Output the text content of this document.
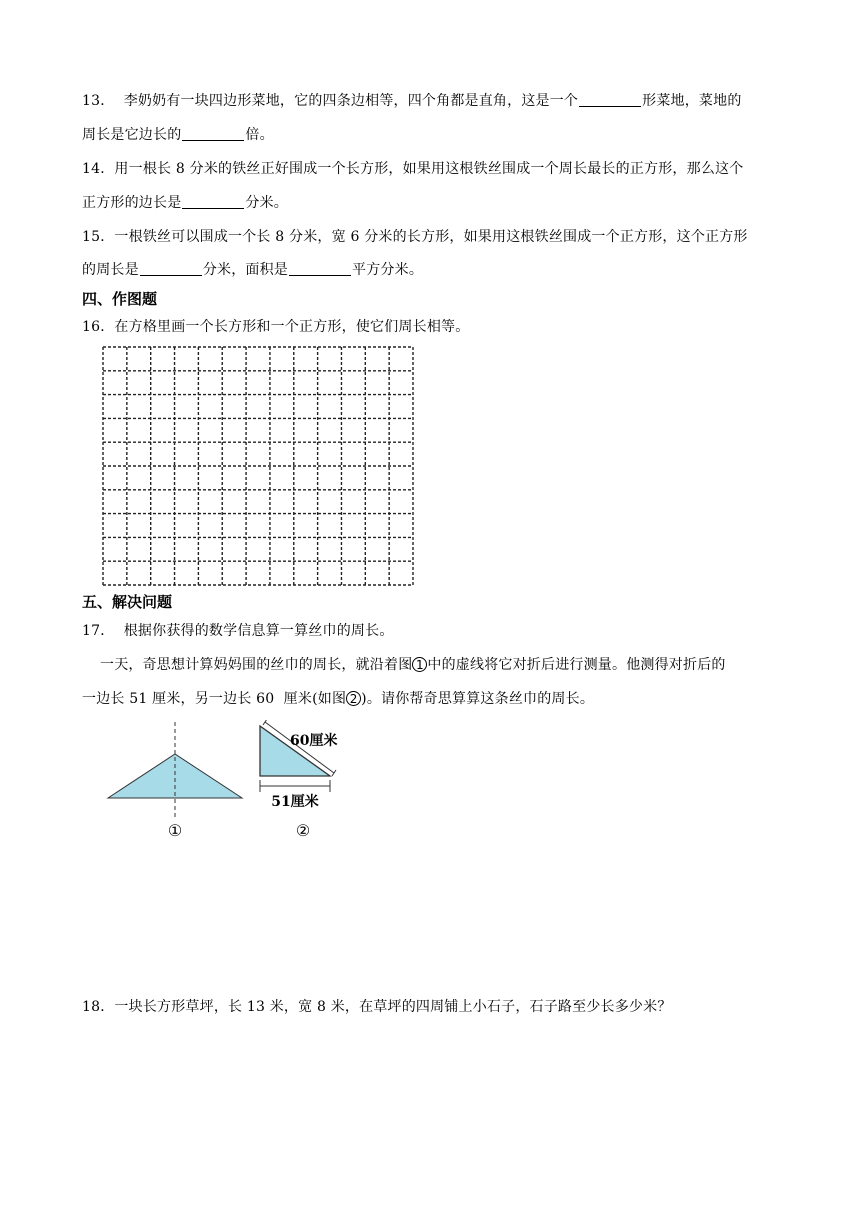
13．  李奶奶有一块四边形菜地，它的四条边相等，四个角都是直角，这是一个	形菜地，菜地的
周长是它边长的	倍。
14．用一根长 8 分米的铁丝正好围成一个长方形，如果用这根铁丝围成一个周长最长的正方形，那么这个
正方形的边长是	分米。
15．一根铁丝可以围成一个长 8 分米，宽 6 分米的长方形，如果用这根铁丝围成一个正方形，这个正方形
的周长是	分米，面积是	平方分米。
四、作图题
16．在方格里画一个长方形和一个正方形，使它们周长相等。
五、解决问题
17．  根据你获得的数学信息算一算丝巾的周长。
一天，奇思想计算妈妈围的丝巾的周长，就沿着图 1 中的虚线将它对折后进行测量。他测得对折后的
一边长 51 厘米，另一边长 60  厘米(如图 2 )。请你帮奇思算算这条丝巾的周长。
①
60厘米
51厘米
②
18．一块长方形草坪，长 13 米，宽 8 米，在草坪的四周铺上小石子，石子路至少长多少米？
